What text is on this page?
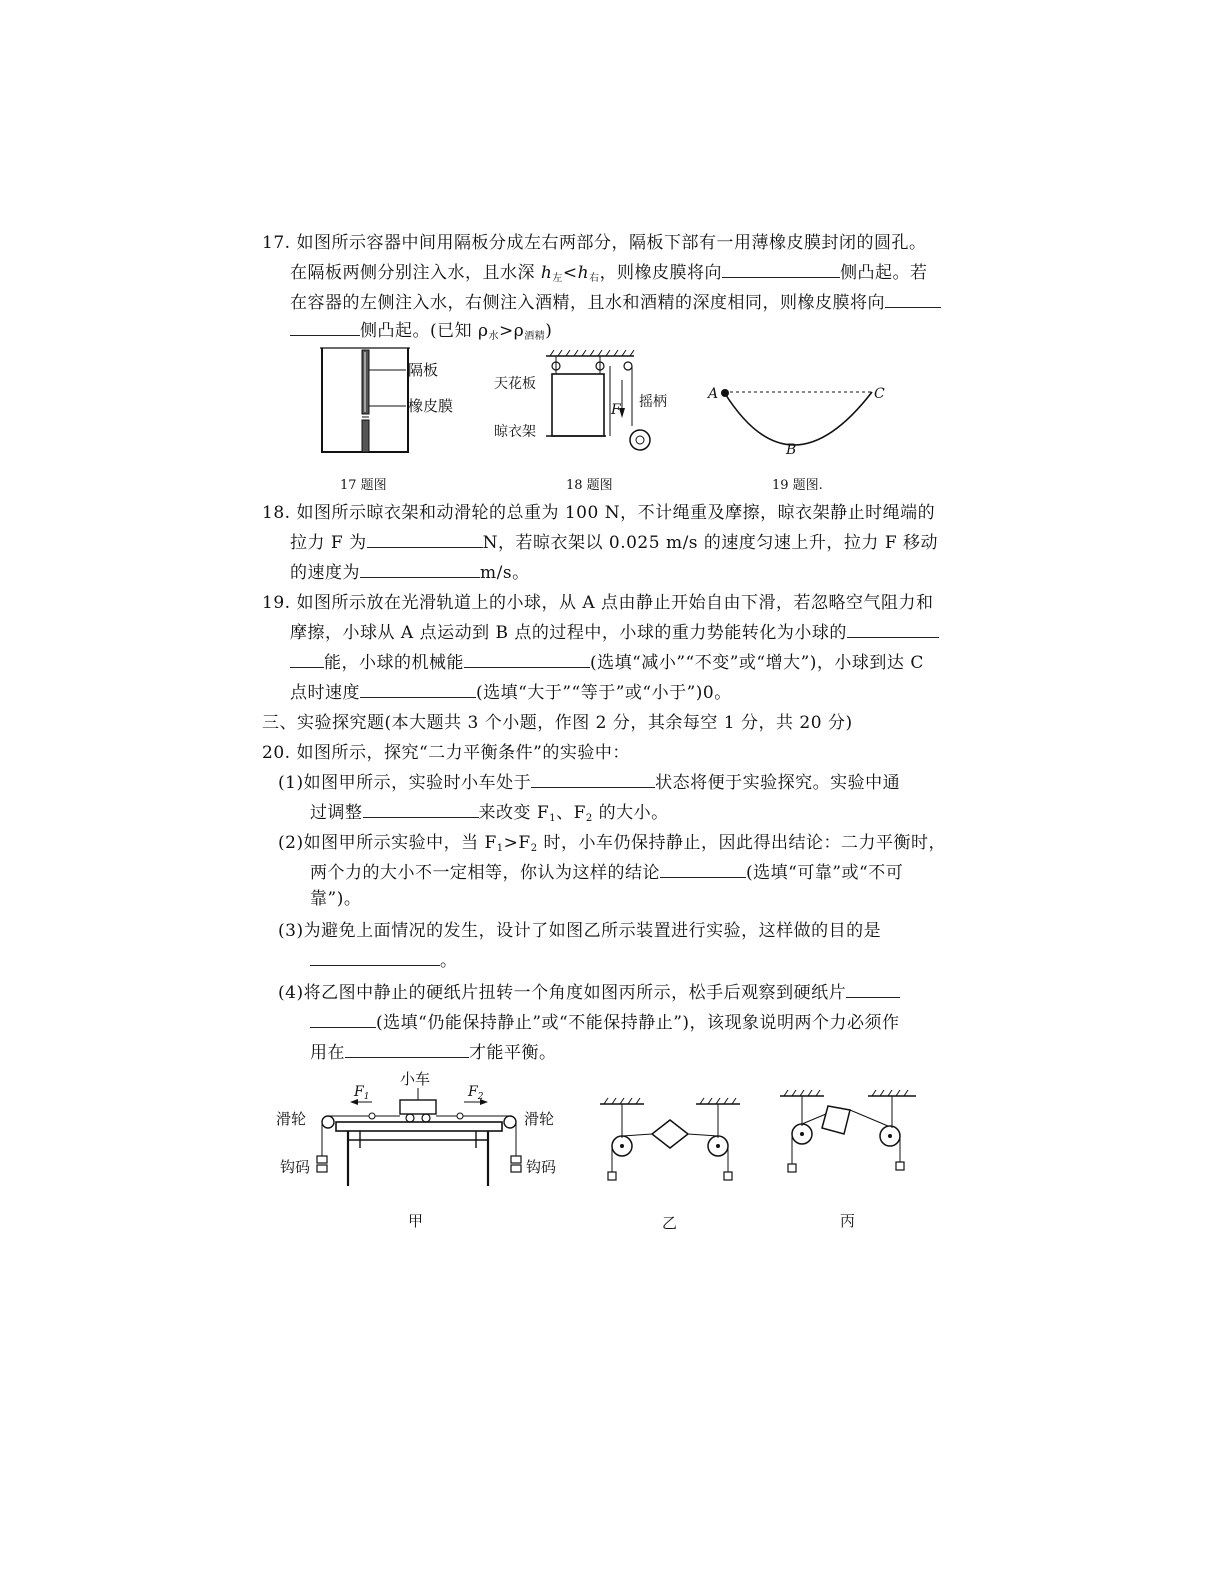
17. 如图所示容器中间用隔板分成左右两部分，隔板下部有一用薄橡皮膜封闭的圆孔。
在隔板两侧分别注入水，且水深 $h_左<h_右$，则橡皮膜将向	侧凸起。若
在容器的左侧注入水，右侧注入酒精，且水和酒精的深度相同，则橡皮膜将向
侧凸起。(已知 $\rho_水>\rho_{酒精}$)
隔板
橡皮膜
17 题图
天花板
晾衣架
摇柄
F
18 题图
A	C
B
19 题图.
18. 如图所示晾衣架和动滑轮的总重为 100 N，不计绳重及摩擦，晾衣架静止时绳端的
拉力 F 为	N，若晾衣架以 0.025 m/s 的速度匀速上升，拉力 F 移动
的速度为	m/s。
19. 如图所示放在光滑轨道上的小球，从 A 点由静止开始自由下滑，若忽略空气阻力和
摩擦，小球从 A 点运动到 B 点的过程中，小球的重力势能转化为小球的
能，小球的机械能	(选填“减小”“不变”或“增大”)，小球到达 C
点时速度	(选填“大于”“等于”或“小于”)0。
三、实验探究题(本大题共 3 个小题，作图 2 分，其余每空 1 分，共 20 分)
20. 如图所示，探究“二力平衡条件”的实验中：
(1)如图甲所示，实验时小车处于	状态将便于实验探究。实验中通
过调整	来改变 $F_1$、$F_2$ 的大小。
(2)如图甲所示实验中，当 $F_1>F_2$ 时，小车仍保持静止，因此得出结论：二力平衡时，
两个力的大小不一定相等，你认为这样的结论	(选填“可靠”或“不可
靠”)。
(3)为避免上面情况的发生，设计了如图乙所示装置进行实验，这样做的目的是
。
(4)将乙图中静止的硬纸片扭转一个角度如图丙所示，松手后观察到硬纸片
(选填“仍能保持静止”或“不能保持静止”)，该现象说明两个力必须作
用在	才能平衡。
小车
$F_1$	$F_2$
滑轮	滑轮
钩码	钩码
甲	乙	丙
